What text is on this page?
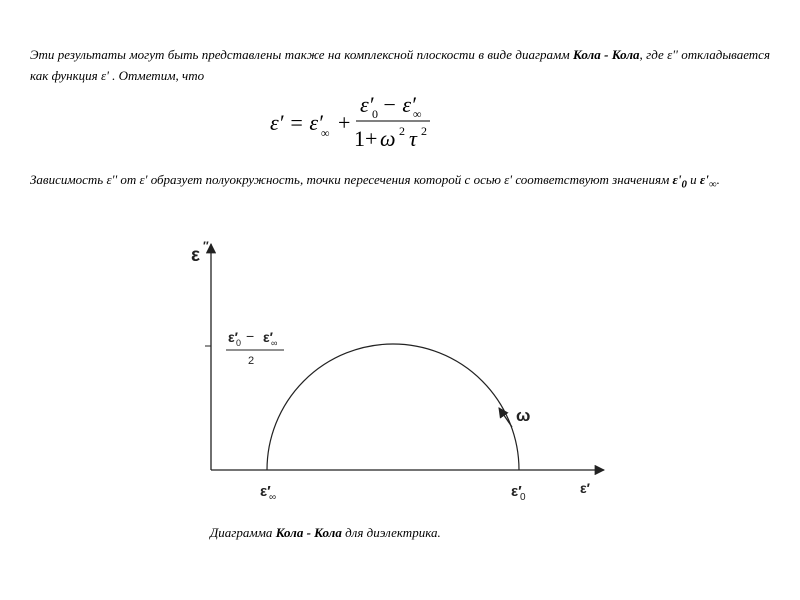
Эти результаты могут быть представлены также на комплексной плоскости в виде диаграмм Кола - Кола, где ε'' откладывается как функция ε' . Отметим, что
ε′ = ε′
∞ +
ε′
0 − ε′
∞
1+ ω 2 τ 2
Зависимость ε'' от ε' образует полуокружность, точки пересечения которой с осью ε' соответствуют значениям $\varepsilon'_0$ и $\varepsilon'_\infty$.
ε ′′
ε′
0 − ε′
∞
2
ω
ε′
∞	ε′
0
ε′
Диаграмма Кола - Кола для диэлектрика.
